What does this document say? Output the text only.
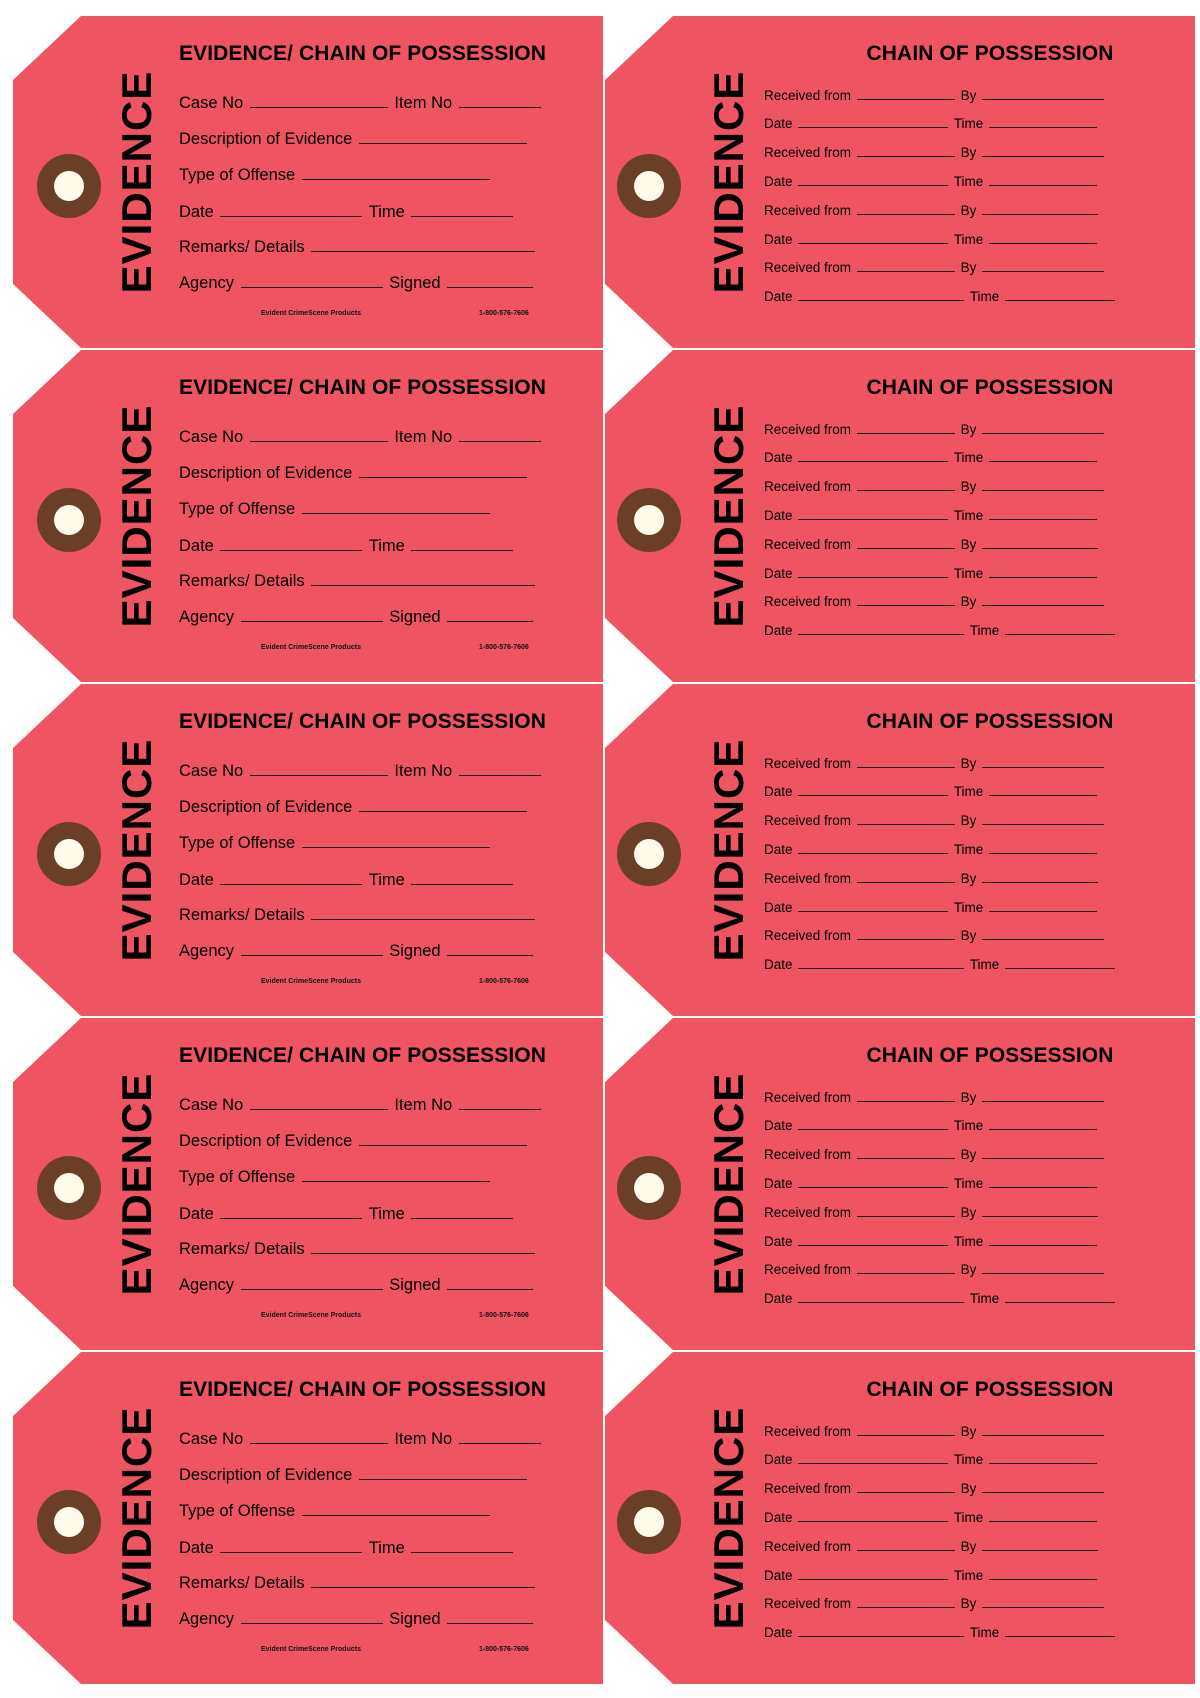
EVIDENCE
EVIDENCE/ CHAIN OF POSSESSION
Case No	Item No
Description of Evidence
Type of Offense
Date	Time
Remarks/ Details
Agency	Signed
Evident CrimeScene Products	1-800-576-7606
EVIDENCE
CHAIN OF POSSESSION
Received from	By
Date	Time
Received from	By
Date	Time
Received from	By
Date	Time
Received from	By
Date	Time
EVIDENCE
EVIDENCE/ CHAIN OF POSSESSION
Case No	Item No
Description of Evidence
Type of Offense
Date	Time
Remarks/ Details
Agency	Signed
Evident CrimeScene Products	1-800-576-7606
EVIDENCE
CHAIN OF POSSESSION
Received from	By
Date	Time
Received from	By
Date	Time
Received from	By
Date	Time
Received from	By
Date	Time
EVIDENCE
EVIDENCE/ CHAIN OF POSSESSION
Case No	Item No
Description of Evidence
Type of Offense
Date	Time
Remarks/ Details
Agency	Signed
Evident CrimeScene Products	1-800-576-7606
EVIDENCE
CHAIN OF POSSESSION
Received from	By
Date	Time
Received from	By
Date	Time
Received from	By
Date	Time
Received from	By
Date	Time
EVIDENCE
EVIDENCE/ CHAIN OF POSSESSION
Case No	Item No
Description of Evidence
Type of Offense
Date	Time
Remarks/ Details
Agency	Signed
Evident CrimeScene Products	1-800-576-7606
EVIDENCE
CHAIN OF POSSESSION
Received from	By
Date	Time
Received from	By
Date	Time
Received from	By
Date	Time
Received from	By
Date	Time
EVIDENCE
EVIDENCE/ CHAIN OF POSSESSION
Case No	Item No
Description of Evidence
Type of Offense
Date	Time
Remarks/ Details
Agency	Signed
Evident CrimeScene Products	1-800-576-7606
EVIDENCE
CHAIN OF POSSESSION
Received from	By
Date	Time
Received from	By
Date	Time
Received from	By
Date	Time
Received from	By
Date	Time
